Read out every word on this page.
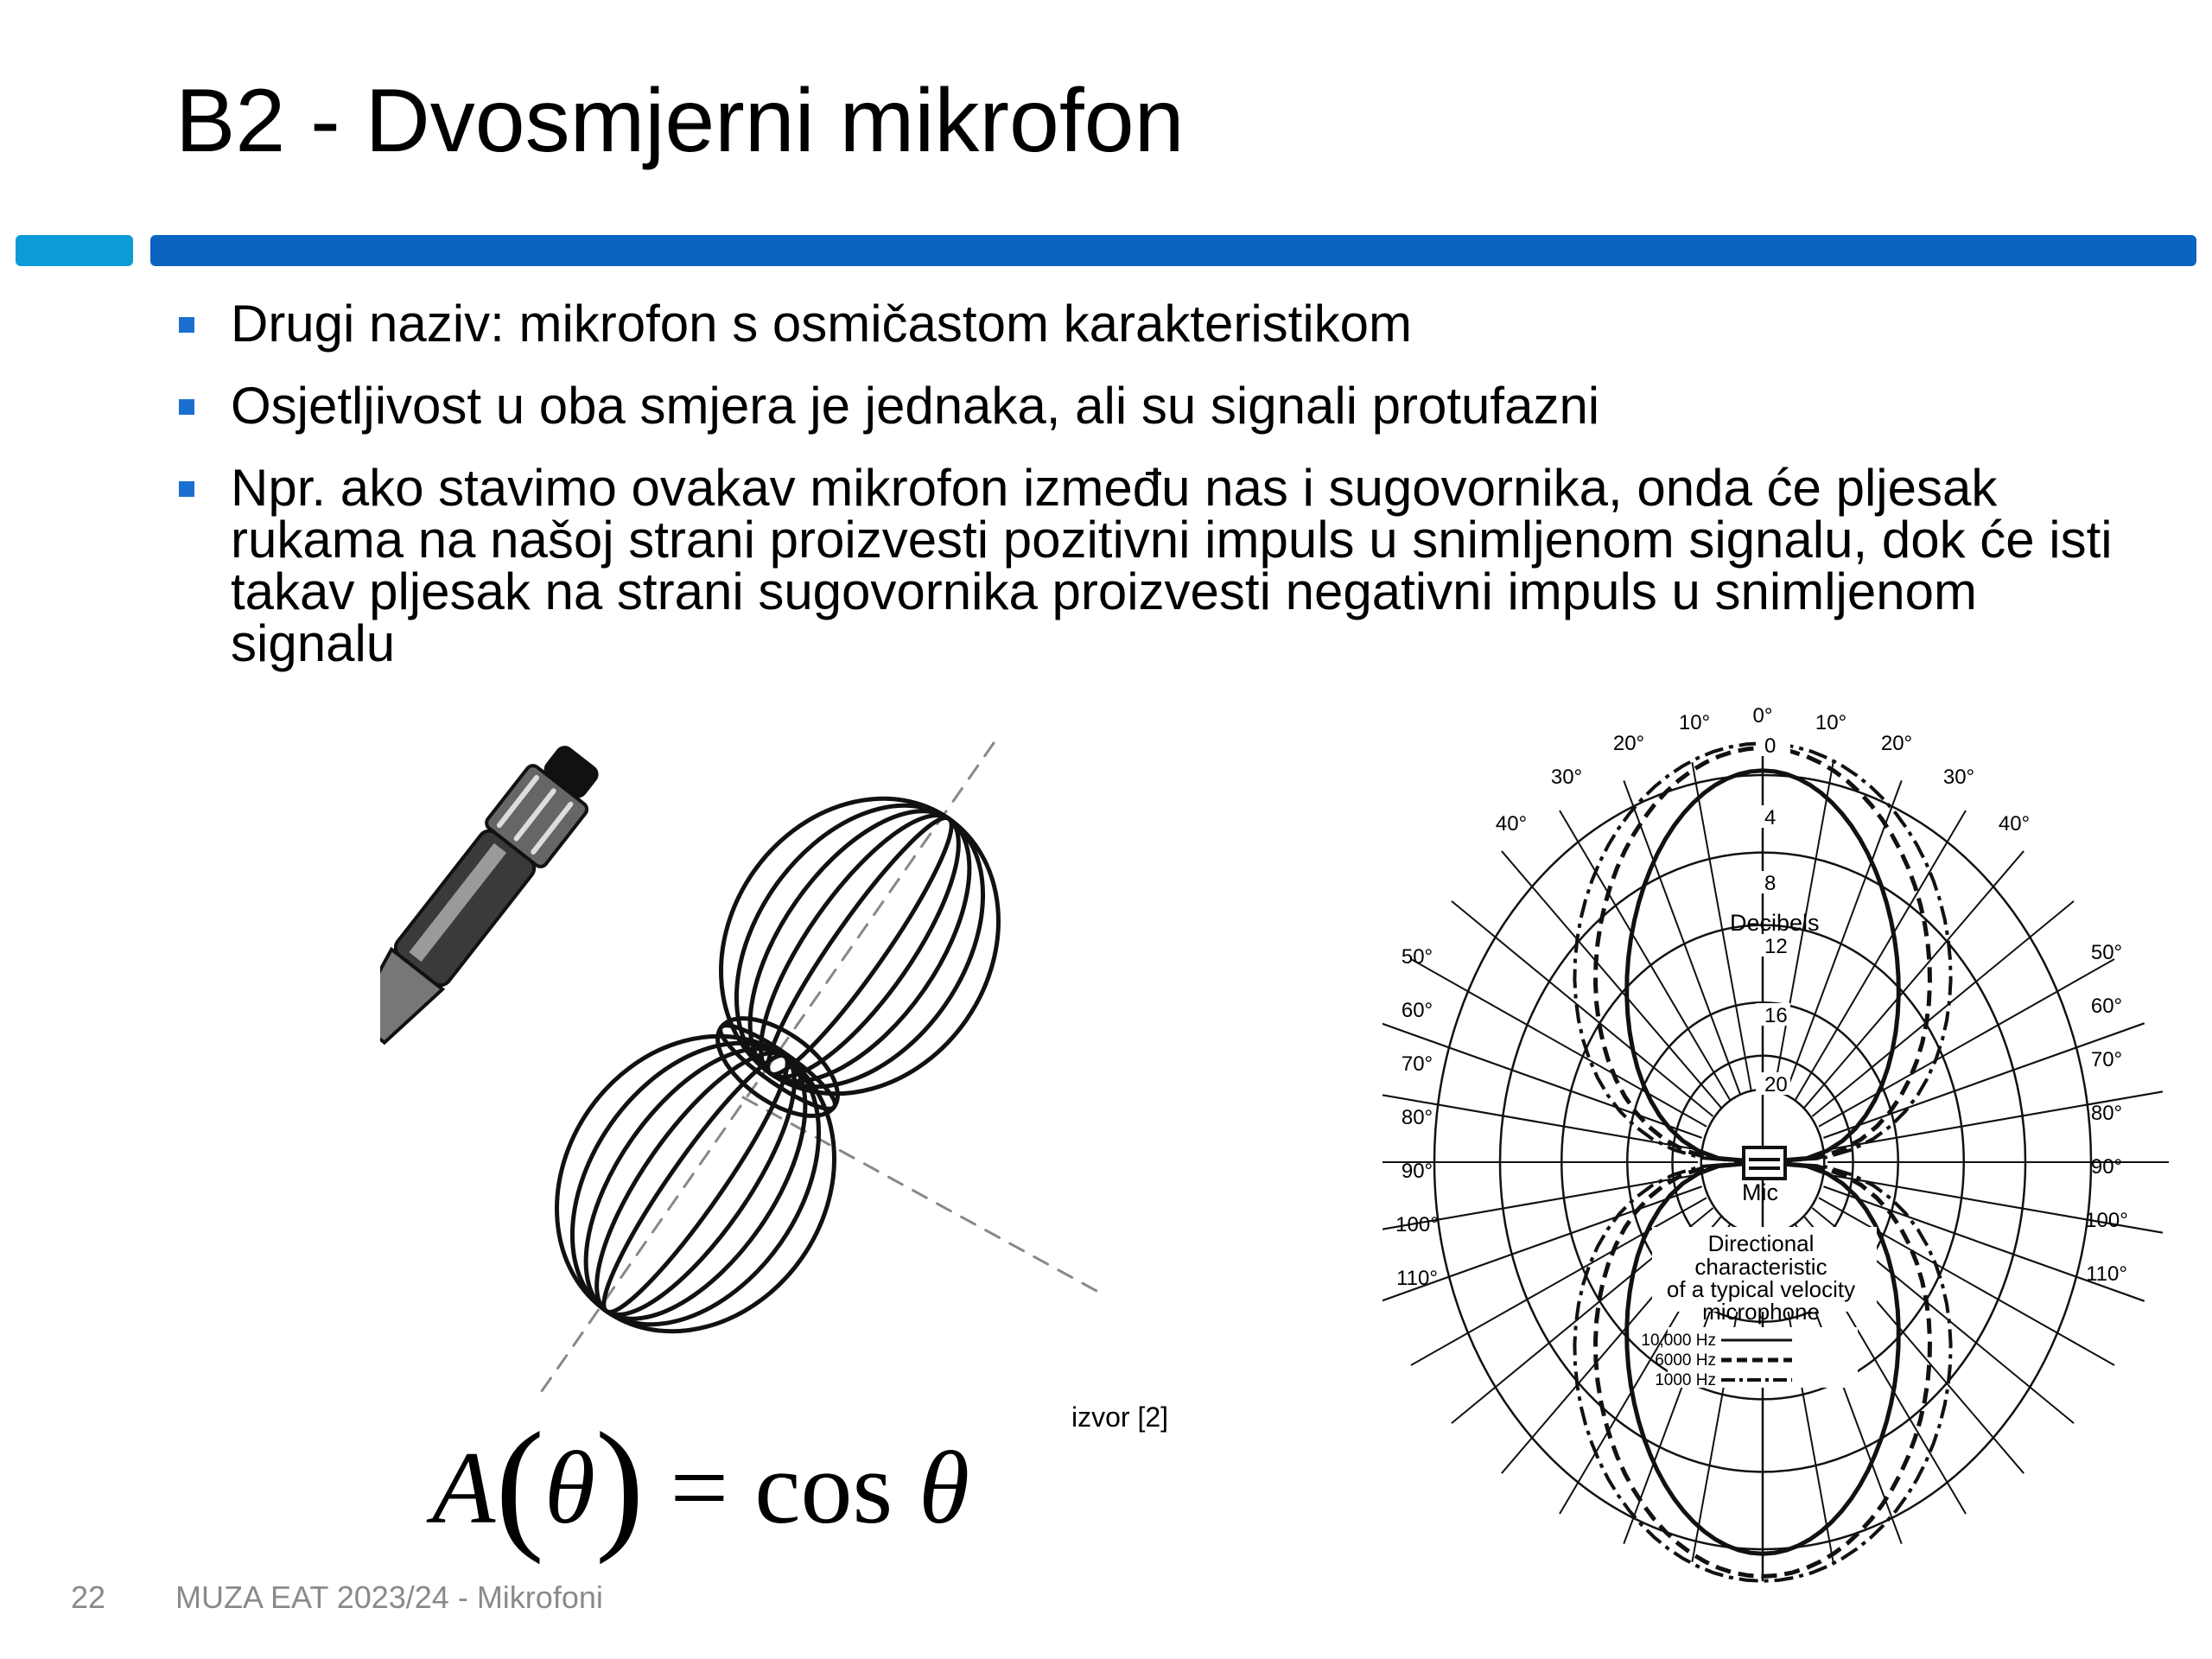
B2 - Dvosmjerni mikrofon
Drugi naziv: mikrofon s osmičastom karakteristikom
Osjetljivost u oba smjera je jednaka, ali su signali protufazni
Npr. ako stavimo ovakav mikrofon između nas i sugovornika, onda će pljesak rukama na našoj strani proizvesti pozitivni impuls u snimljenom signalu, dok će isti takav pljesak na strani sugovornika proizvesti negativni impuls u snimljenom signalu
A(θ) = cos θ
izvor [2]
0°
10°	10°
20°	20°
30°	30°
40°	40°
50°	50°
60°	60°
70°	70°
80°	80°
90°	90°
100°	100°
110°	110°
0
4
8
12
16
20
Decibels
Mic
Directional
characteristic
of a typical velocity
microphone
10,000 Hz
6000 Hz
1000 Hz
22 MUZA EAT 2023/24 - Mikrofoni
